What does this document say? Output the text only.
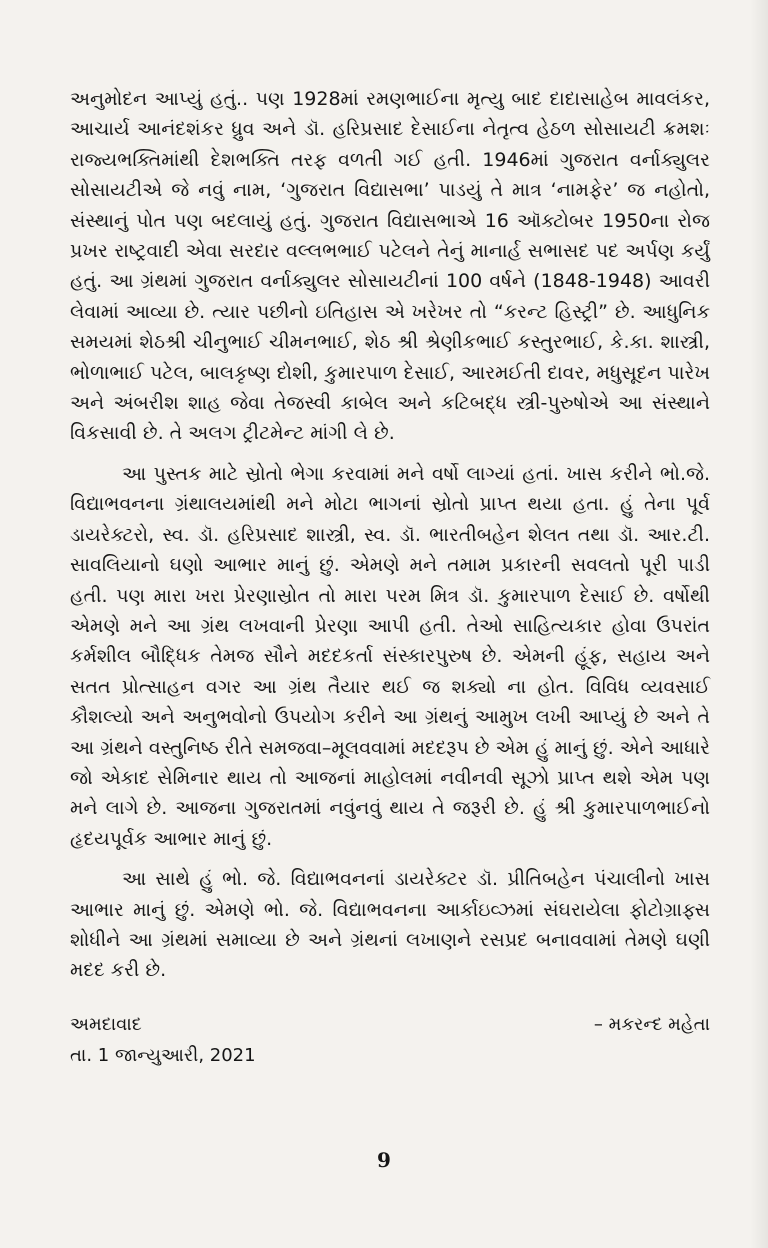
અનુમોદન આપ્યું હતું.. પણ 1928માં રમણભાઈના મૃત્યુ બાદ દાદાસાહેબ માવલંકર, આચાર્ય આનંદશંકર ધ્રુવ અને ડૉ. હરિપ્રસાદ દેસાઈના નેતૃત્વ હેઠળ સોસાયટી ક્રમશઃ રાજ્યભક્તિમાંથી દેશભક્તિ તરફ વળતી ગઈ હતી. 1946માં ગુજરાત વર્નાક્યુલર સોસાયટીએ જે નવું નામ, ‘ગુજરાત વિદ્યાસભા’ પાડયું તે માત્ર ‘નામફેર’ જ નહોતો, સંસ્થાનું પોત પણ બદલાયું હતું. ગુજરાત વિદ્યાસભાએ 16 ઑક્ટોબર 1950ના રોજ પ્રખર રાષ્ટ્રવાદી એવા સરદાર વલ્લભભાઈ પટેલને તેનું માનાર્હ સભાસદ પદ અર્પણ કર્યું હતું. આ ગ્રંથમાં ગુજરાત વર્નાક્યુલર સોસાયટીનાં 100 વર્ષને (1848-1948) આવરી લેવામાં આવ્યા છે. ત્યાર પછીનો ઇતિહાસ એ ખરેખર તો “કરન્ટ હિસ્ટ્રી” છે. આધુનિક સમયમાં શેઠશ્રી ચીનુભાઈ ચીમનભાઈ, શેઠ શ્રી શ્રેણીકભાઈ કસ્તુરભાઈ, કે.કા. શાસ્ત્રી, ભોળાભાઈ પટેલ, બાલકૃષ્ણ દોશી, કુમારપાળ દેસાઈ, આરમઈતી દાવર, મધુસૂદન પારેખ અને અંબરીશ શાહ જેવા તેજસ્વી કાબેલ અને કટિબદ્ધ સ્ત્રી-પુરુષોએ આ સંસ્થાને વિકસાવી છે. તે અલગ ટ્રીટમેન્ટ માંગી લે છે.

આ પુસ્તક માટે સ્રોતો ભેગા કરવામાં મને વર્ષો લાગ્યાં હતાં. ખાસ કરીને ભો.જે. વિદ્યાભવનના ગ્રંથાલયમાંથી મને મોટા ભાગનાં સ્રોતો પ્રાપ્ત થયા હતા. હું તેના પૂર્વ ડાયરેક્ટરો, સ્વ. ડૉ. હરિપ્રસાદ શાસ્ત્રી, સ્વ. ડૉ. ભારતીબહેન શેલત તથા ડૉ. આર.ટી. સાવલિયાનો ઘણો આભાર માનું છું. એમણે મને તમામ પ્રકારની સવલતો પૂરી પાડી હતી. પણ મારા ખરા પ્રેરણાસ્રોત તો મારા પરમ મિત્ર ડૉ. કુમારપાળ દેસાઈ છે. વર્ષોથી એમણે મને આ ગ્રંથ લખવાની પ્રેરણા આપી હતી. તેઓ સાહિત્યકાર હોવા ઉપરાંત કર્મશીલ બૌદ્ધિક તેમજ સૌને મદદકર્તા સંસ્કારપુરુષ છે. એમની હૂંફ, સહાય અને સતત પ્રોત્સાહન વગર આ ગ્રંથ તૈયાર થઈ જ શક્યો ના હોત. વિવિધ વ્યવસાઈ કૌશલ્યો અને અનુભવોનો ઉપયોગ કરીને આ ગ્રંથનું આમુખ લખી આપ્યું છે અને તે આ ગ્રંથને વસ્તુનિષ્ઠ રીતે સમજવા–મૂલવવામાં મદદરૂપ છે એમ હું માનું છું. એને આધારે જો એકાદ સેમિનાર થાય તો આજનાં માહોલમાં નવીનવી સૂઝો પ્રાપ્ત થશે એમ પણ મને લાગે છે. આજના ગુજરાતમાં નવુંનવું થાય તે જરૂરી છે. હું શ્રી કુમારપાળભાઈનો હૃદયપૂર્વક આભાર માનું છું.

આ સાથે હું ભો. જે. વિદ્યાભવનનાં ડાયરેક્ટર ડૉ. પ્રીતિબહેન પંચાલીનો ખાસ આભાર માનું છું. એમણે ભો. જે. વિદ્યાભવનના આર્કાઇવ્ઝમાં સંઘરાયેલા ફોટોગ્રાફ્સ શોધીને આ ગ્રંથમાં સમાવ્યા છે અને ગ્રંથનાં લખાણને રસપ્રદ બનાવવામાં તેમણે ઘણી મદદ કરી છે.

અમદાવાદ	– મકરન્દ મહેતા
તા. 1 જાન્યુઆરી, 2021
9
